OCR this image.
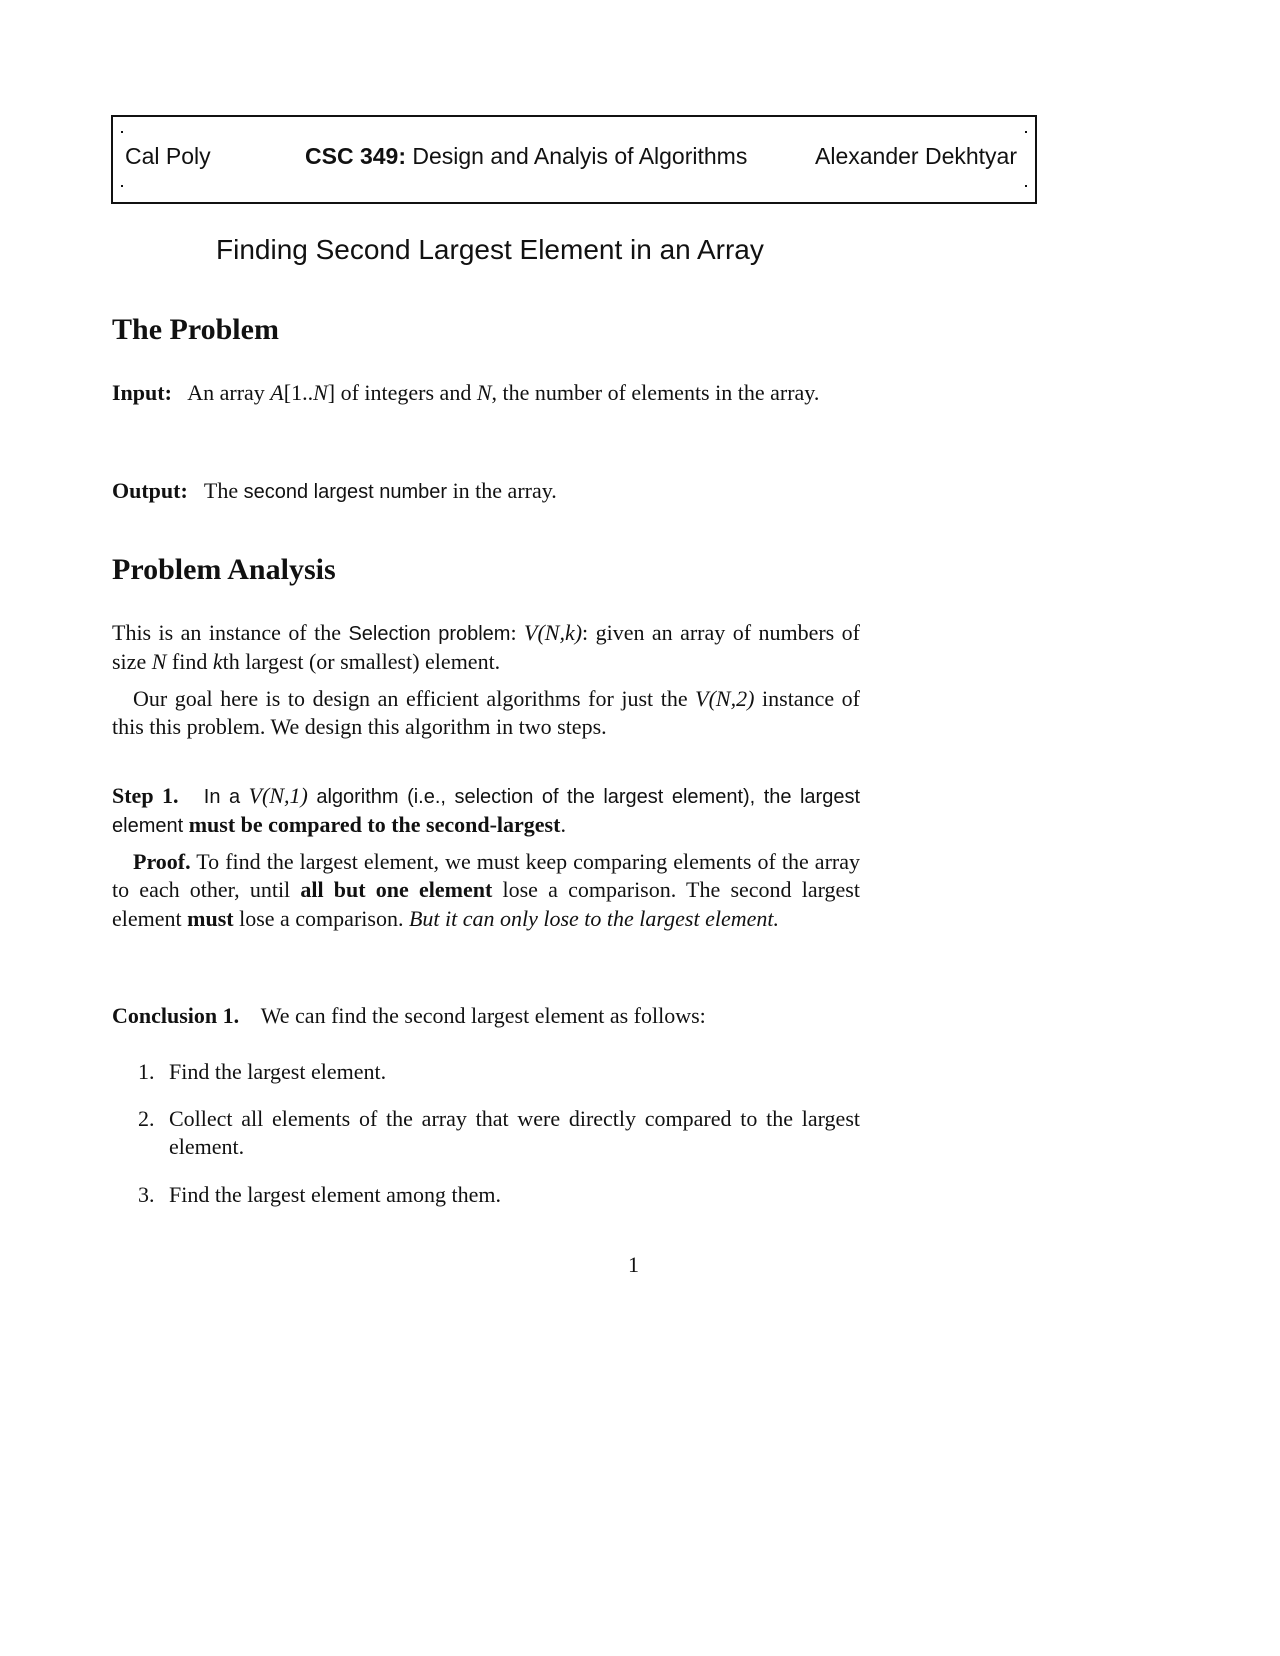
Cal Poly	CSC 349: Design and Analyis of Algorithms	Alexander Dekhtyar
Finding Second Largest Element in an Array
The Problem
Input: An array A[1..N] of integers and N, the number of elements in the array.
Output: The second largest number in the array.
Problem Analysis
This is an instance of the Selection problem: V(N,k): given an array of numbers of size N find kth largest (or smallest) element.
Our goal here is to design an efficient algorithms for just the V(N,2) instance of this this problem. We design this algorithm in two steps.
Step 1. In a V(N,1) algorithm (i.e., selection of the largest element), the largest element must be compared to the second-largest.
Proof. To find the largest element, we must keep comparing elements of the array to each other, until all but one element lose a comparison. The second largest element must lose a comparison. But it can only lose to the largest element.
Conclusion 1. We can find the second largest element as follows:
1. Find the largest element.
2. Collect all elements of the array that were directly compared to the largest element.
3. Find the largest element among them.
1
